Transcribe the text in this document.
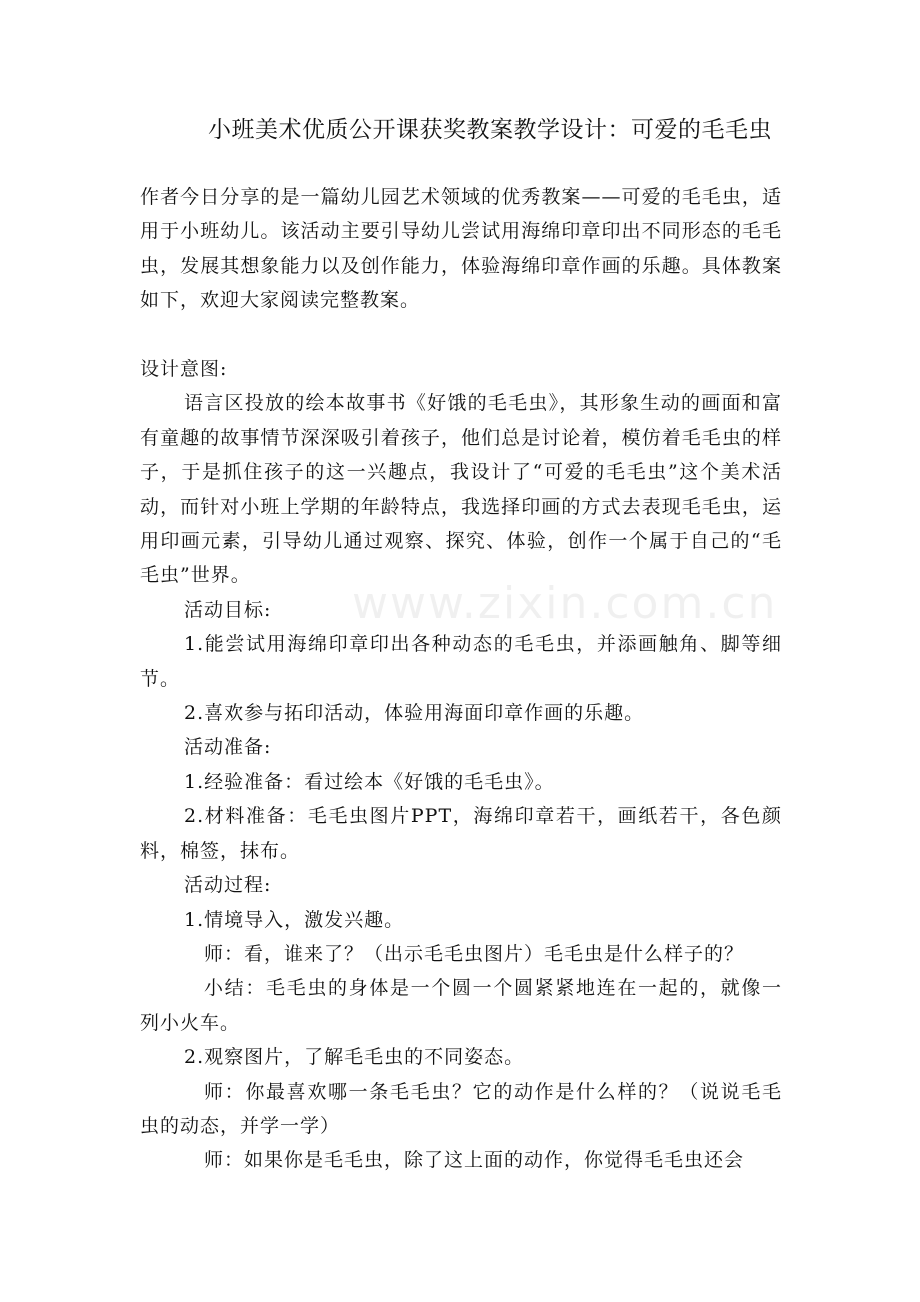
www.zixin.com.cn
小班美术优质公开课获奖教案教学设计：可爱的毛毛虫

作者今日分享的是一篇幼儿园艺术领域的优秀教案——可爱的毛毛虫，适用于小班幼儿。该活动主要引导幼儿尝试用海绵印章印出不同形态的毛毛虫，发展其想象能力以及创作能力，体验海绵印章作画的乐趣。具体教案如下，欢迎大家阅读完整教案。

设计意图:

语言区投放的绘本故事书《好饿的毛毛虫》，其形象生动的画面和富有童趣的故事情节深深吸引着孩子，他们总是讨论着，模仿着毛毛虫的样子，于是抓住孩子的这一兴趣点，我设计了“可爱的毛毛虫”这个美术活动，而针对小班上学期的年龄特点，我选择印画的方式去表现毛毛虫，运用印画元素，引导幼儿通过观察、探究、体验，创作一个属于自己的“毛毛虫”世界。

活动目标:

1.能尝试用海绵印章印出各种动态的毛毛虫，并添画触角、脚等细节。

2.喜欢参与拓印活动，体验用海面印章作画的乐趣。

活动准备:

1.经验准备：看过绘本《好饿的毛毛虫》。

2.材料准备：毛毛虫图片PPT，海绵印章若干，画纸若干，各色颜料，棉签，抹布。

活动过程:

1.情境导入，激发兴趣。

师：看，谁来了？（出示毛毛虫图片）毛毛虫是什么样子的？

小结：毛毛虫的身体是一个圆一个圆紧紧地连在一起的，就像一列小火车。

2.观察图片，了解毛毛虫的不同姿态。

师：你最喜欢哪一条毛毛虫？它的动作是什么样的？（说说毛毛虫的动态，并学一学）

师：如果你是毛毛虫，除了这上面的动作，你觉得毛毛虫还会
